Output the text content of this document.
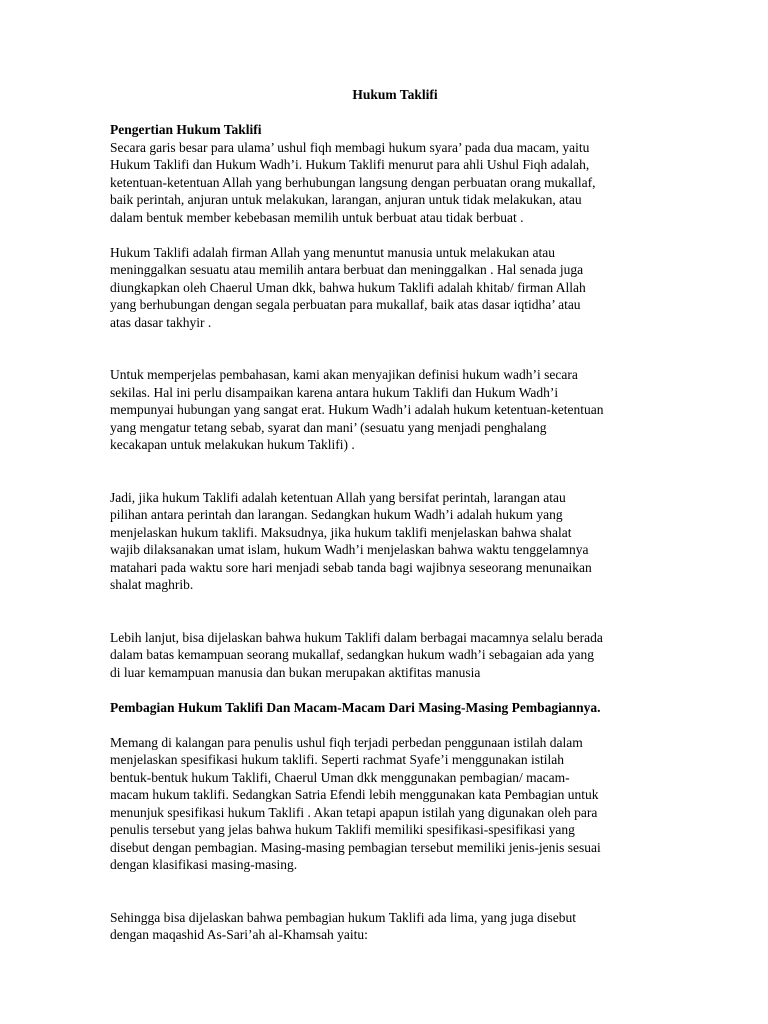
Hukum Taklifi

Pengertian Hukum Taklifi

Secara garis besar para ulama’ ushul fiqh membagi hukum syara’ pada dua macam, yaitu
Hukum Taklifi dan Hukum Wadh’i. Hukum Taklifi menurut para ahli Ushul Fiqh adalah,
ketentuan-ketentuan Allah yang berhubungan langsung dengan perbuatan orang mukallaf,
baik perintah, anjuran untuk melakukan, larangan, anjuran untuk tidak melakukan, atau
dalam bentuk member kebebasan memilih untuk berbuat atau tidak berbuat .
Hukum Taklifi adalah firman Allah yang menuntut manusia untuk melakukan atau
meninggalkan sesuatu atau memilih antara berbuat dan meninggalkan . Hal senada juga
diungkapkan oleh Chaerul Uman dkk, bahwa hukum Taklifi adalah khitab/ firman Allah
yang berhubungan dengan segala perbuatan para mukallaf, baik atas dasar iqtidha’ atau
atas dasar takhyir .
Untuk memperjelas pembahasan, kami akan menyajikan definisi hukum wadh’i secara
sekilas. Hal ini perlu disampaikan karena antara hukum Taklifi dan Hukum Wadh’i
mempunyai hubungan yang sangat erat. Hukum Wadh’i adalah hukum ketentuan-ketentuan
yang mengatur tetang sebab, syarat dan mani’ (sesuatu yang menjadi penghalang
kecakapan untuk melakukan hukum Taklifi) .
Jadi, jika hukum Taklifi adalah ketentuan Allah yang bersifat perintah, larangan atau
pilihan antara perintah dan larangan. Sedangkan hukum Wadh’i adalah hukum yang
menjelaskan hukum taklifi. Maksudnya, jika hukum taklifi menjelaskan bahwa shalat
wajib dilaksanakan umat islam, hukum Wadh’i menjelaskan bahwa waktu tenggelamnya
matahari pada waktu sore hari menjadi sebab tanda bagi wajibnya seseorang menunaikan
shalat maghrib.
Lebih lanjut, bisa dijelaskan bahwa hukum Taklifi dalam berbagai macamnya selalu berada
dalam batas kemampuan seorang mukallaf, sedangkan hukum wadh’i sebagaian ada yang
di luar kemampuan manusia dan bukan merupakan aktifitas manusia

Pembagian Hukum Taklifi Dan Macam-Macam Dari Masing-Masing Pembagiannya.

Memang di kalangan para penulis ushul fiqh terjadi perbedan penggunaan istilah dalam
menjelaskan spesifikasi hukum taklifi. Seperti rachmat Syafe’i menggunakan istilah
bentuk-bentuk hukum Taklifi, Chaerul Uman dkk menggunakan pembagian/ macam-
macam hukum taklifi. Sedangkan Satria Efendi lebih menggunakan kata Pembagian untuk
menunjuk spesifikasi hukum Taklifi . Akan tetapi apapun istilah yang digunakan oleh para
penulis tersebut yang jelas bahwa hukum Taklifi memiliki spesifikasi-spesifikasi yang
disebut dengan pembagian. Masing-masing pembagian tersebut memiliki jenis-jenis sesuai
dengan klasifikasi masing-masing.
Sehingga bisa dijelaskan bahwa pembagian hukum Taklifi ada lima, yang juga disebut
dengan maqashid As-Sari’ah al-Khamsah yaitu:
